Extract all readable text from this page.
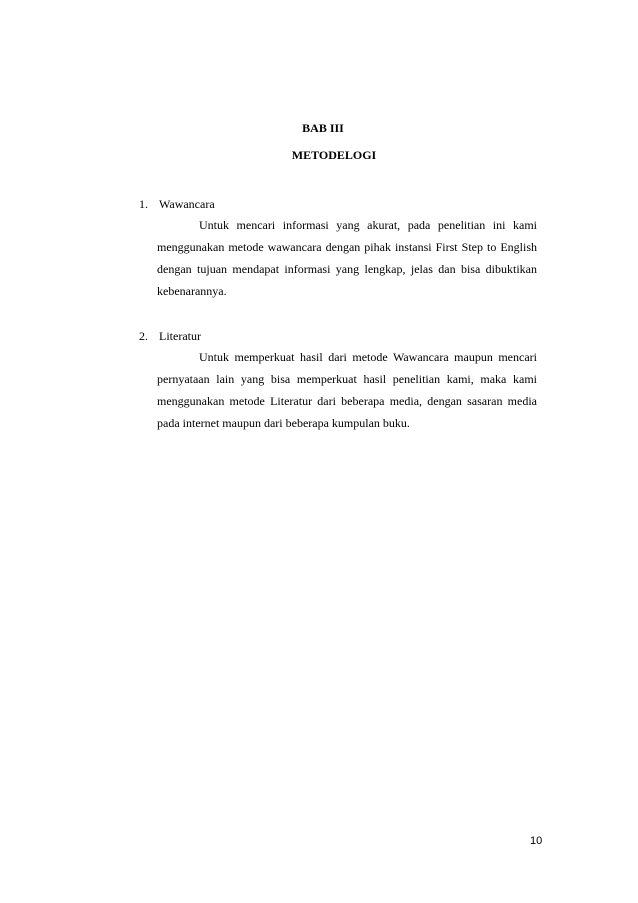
BAB III
METODELOGI
1. Wawancara
Untuk mencari informasi yang akurat, pada penelitian ini kami menggunakan metode wawancara dengan pihak instansi First Step to English dengan tujuan mendapat informasi yang lengkap, jelas dan bisa dibuktikan kebenarannya.
2. Literatur
Untuk memperkuat hasil dari metode Wawancara maupun mencari pernyataan lain yang bisa memperkuat hasil penelitian kami, maka kami menggunakan metode Literatur dari beberapa media, dengan sasaran media pada internet maupun dari beberapa kumpulan buku.
10
